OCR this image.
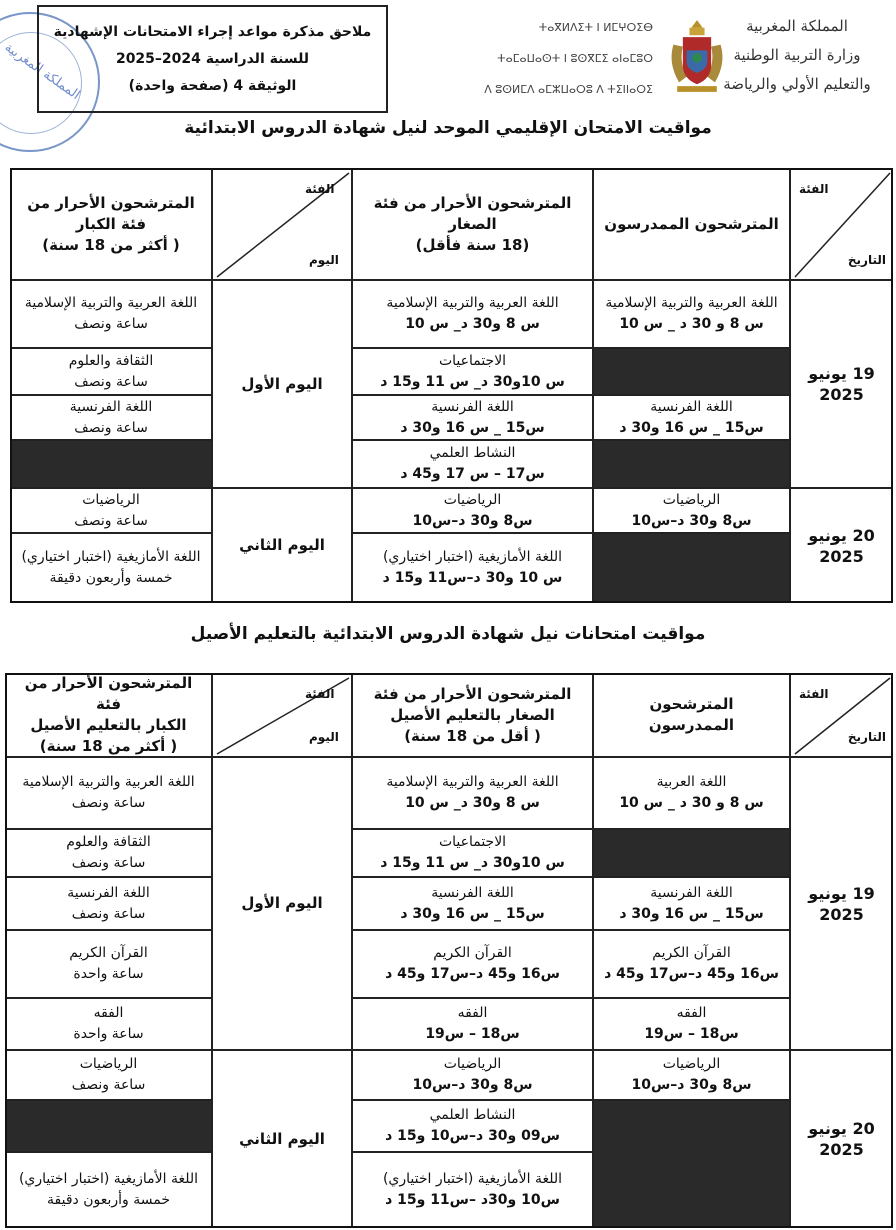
المملكة المغربية
ملاحق مذكرة مواعد إجراء الامتحانات الإشهادية
للسنة الدراسية 2024–2025
الوثيقة 4 (صفحة واحدة)
ⵜⴰⴳⵍⴷⵉⵜ ⵏ ⵍⵎⵖⵔⵉⴱ
ⵜⴰⵎⴰⵡⴰⵙⵜ ⵏ ⵓⵙⴳⵎⵉ ⴰⵏⴰⵎⵓⵔ
ⴷ ⵓⵙⵍⵎⴷ ⴰⵎⵣⵡⴰⵔⵓ ⴷ ⵜⵉⵏⵏⴰⵔⵉ
المملكة المغربية
وزارة التربية الوطنية
والتعليم الأولي والرياضة
مواقيت الامتحان الإقليمي الموحد لنيل شهادة الدروس الابتدائية
مواقيت امتحانات نيل شهادة الدروس الابتدائية بالتعليم الأصيل
الفئة
التاريخ
المترشحون الممدرسون
المترشحون الأحرار من فئة
الصغار
(18 سنة فأقل)
الفئة
اليوم
المترشحون الأحرار من
فئة الكبار
( أكثر من 18 سنة)
19 يونيو
2025
20 يونيو
2025
اليوم الأول
اليوم الثاني
اللغة العربية والتربية الإسلامية
س 8 و 30 د _ س 10
اللغة الفرنسية
س15 _ س 16 و30 د
الرياضيات
س8 و30 د–س10
اللغة العربية والتربية الإسلامية
س 8 و30 د_ س 10
الاجتماعيات
س 10و30 د_ س 11 و15 د
اللغة الفرنسية
س15 _ س 16 و30 د
النشاط العلمي
س17 – س 17 و45 د
الرياضيات
س8 و30 د–س10
اللغة الأمازيغية (اختبار اختياري)
س 10 و30 د–س11 و15 د
اللغة العربية والتربية الإسلامية
ساعة ونصف
الثقافة والعلوم
ساعة ونصف
اللغة الفرنسية
ساعة ونصف
الرياضيات
ساعة ونصف
اللغة الأمازيغية (اختبار اختياري)
خمسة وأربعون دقيقة
الفئة
التاريخ
المترشحون
الممدرسون
المترشحون الأحرار من فئة
الصغار بالتعليم الأصيل
( أقل من 18 سنة)
الفئة
اليوم
المترشحون الأحرار من فئة
الكبار بالتعليم الأصيل
( أكثر من 18 سنة)
19 يونيو
2025
20 يونيو
2025
اليوم الأول
اليوم الثاني
اللغة العربية
س 8 و 30 د _ س 10
اللغة الفرنسية
س15 _ س 16 و30 د
القرآن الكريم
س16 و45 د–س17 و45 د
الفقه
س18 – س19
الرياضيات
س8 و30 د–س10
اللغة العربية والتربية الإسلامية
س 8 و30 د_ س 10
الاجتماعيات
س 10و30 د_ س 11 و15 د
اللغة الفرنسية
س15 _ س 16 و30 د
القرآن الكريم
س16 و45 د–س17 و45 د
الفقه
س18 – س19
الرياضيات
س8 و30 د–س10
النشاط العلمي
س09 و30 د–س10 و15 د
اللغة الأمازيغية (اختبار اختياري)
س10 و30د –س11 و15 د
اللغة العربية والتربية الإسلامية
ساعة ونصف
الثقافة والعلوم
ساعة ونصف
اللغة الفرنسية
ساعة ونصف
القرآن الكريم
ساعة واحدة
الفقه
ساعة واحدة
الرياضيات
ساعة ونصف
اللغة الأمازيغية (اختبار اختياري)
خمسة وأربعون دقيقة
